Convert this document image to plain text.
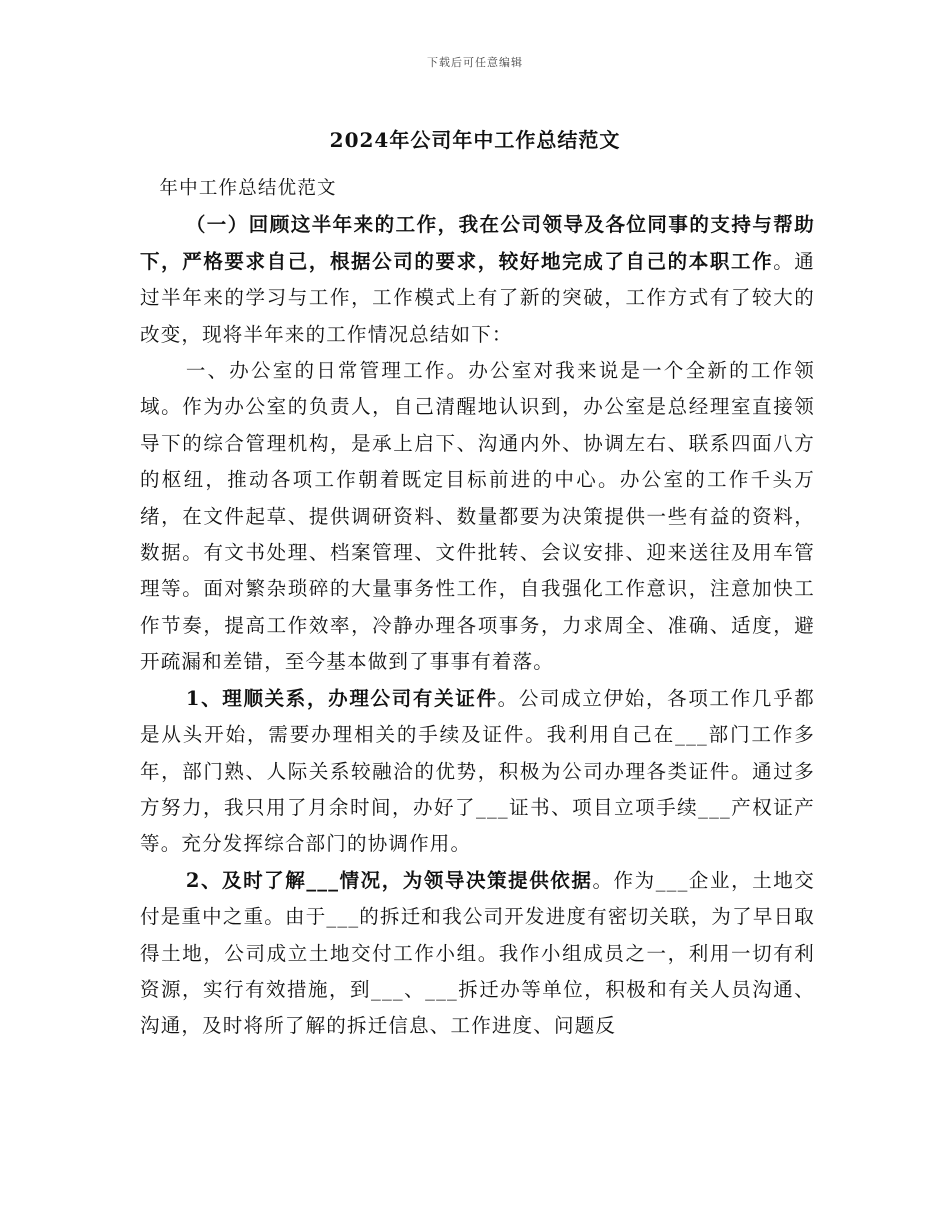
下载后可任意编辑
2024年公司年中工作总结范文

年中工作总结优范文

（一）回顾这半年来的工作，我在公司领导及各位同事的支持与帮助下，严格要求自己，根据公司的要求，较好地完成了自己的本职工作。通过半年来的学习与工作，工作模式上有了新的突破，工作方式有了较大的改变，现将半年来的工作情况总结如下：

一、办公室的日常管理工作。办公室对我来说是一个全新的工作领域。作为办公室的负责人，自己清醒地认识到，办公室是总经理室直接领导下的综合管理机构，是承上启下、沟通内外、协调左右、联系四面八方的枢纽，推动各项工作朝着既定目标前进的中心。办公室的工作千头万绪，在文件起草、提供调研资料、数量都要为决策提供一些有益的资料，数据。有文书处理、档案管理、文件批转、会议安排、迎来送往及用车管理等。面对繁杂琐碎的大量事务性工作，自我强化工作意识，注意加快工作节奏，提高工作效率，冷静办理各项事务，力求周全、准确、适度，避开疏漏和差错，至今基本做到了事事有着落。

1、理顺关系，办理公司有关证件。公司成立伊始，各项工作几乎都是从头开始，需要办理相关的手续及证件。我利用自己在___部门工作多年，部门熟、人际关系较融洽的优势，积极为公司办理各类证件。通过多方努力，我只用了月余时间，办好了___证书、项目立项手续___产权证产等。充分发挥综合部门的协调作用。

2、及时了解___情况，为领导决策提供依据。作为___企业，土地交付是重中之重。由于___的拆迁和我公司开发进度有密切关联，为了早日取得土地，公司成立土地交付工作小组。我作小组成员之一，利用一切有利资源，实行有效措施，到___、___拆迁办等单位，积极和有关人员沟通、沟通，及时将所了解的拆迁信息、工作进度、问题反
